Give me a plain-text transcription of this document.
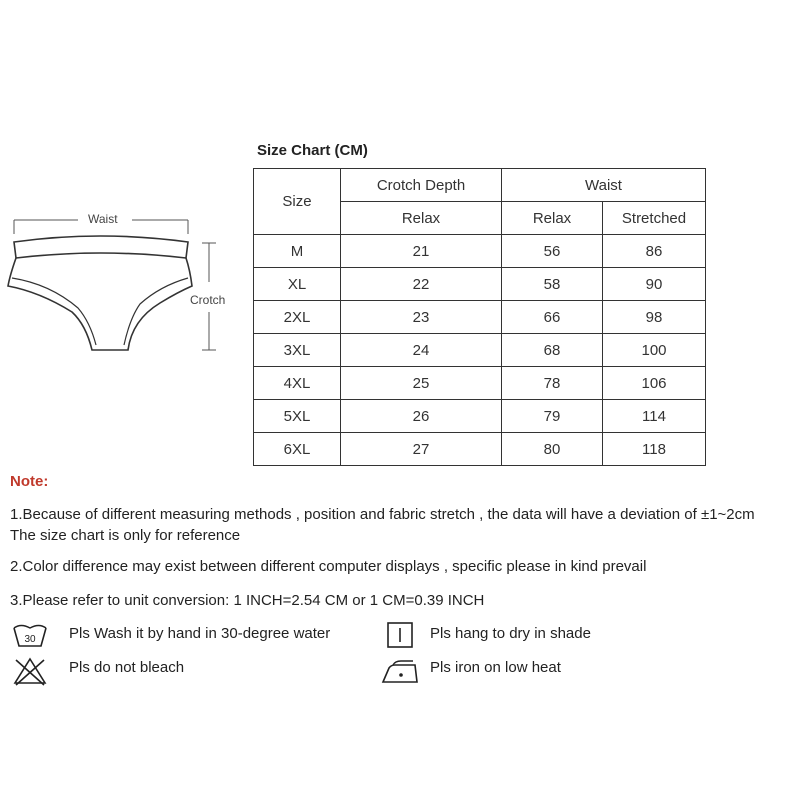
Waist
Crotch
Size Chart (CM)
Size	Crotch Depth	Waist	
	Relax	Relax	Stretched
M	21	56	86
XL	22	58	90
2XL	23	66	98
3XL	24	68	100
4XL	25	78	106
5XL	26	79	114
6XL	27	80	118
Note:
1.Because of different measuring methods , position and fabric stretch , the data will have a deviation of ±1~2cm
The size chart is only for reference
2.Color difference may exist between different computer displays , specific please in kind prevail
3.Please refer to unit conversion: 1 INCH=2.54 CM or 1 CM=0.39 INCH
30 Pls Wash it by hand in 30-degree water	Pls hang to dry in shade
Pls do not bleach	Pls iron on low heat
